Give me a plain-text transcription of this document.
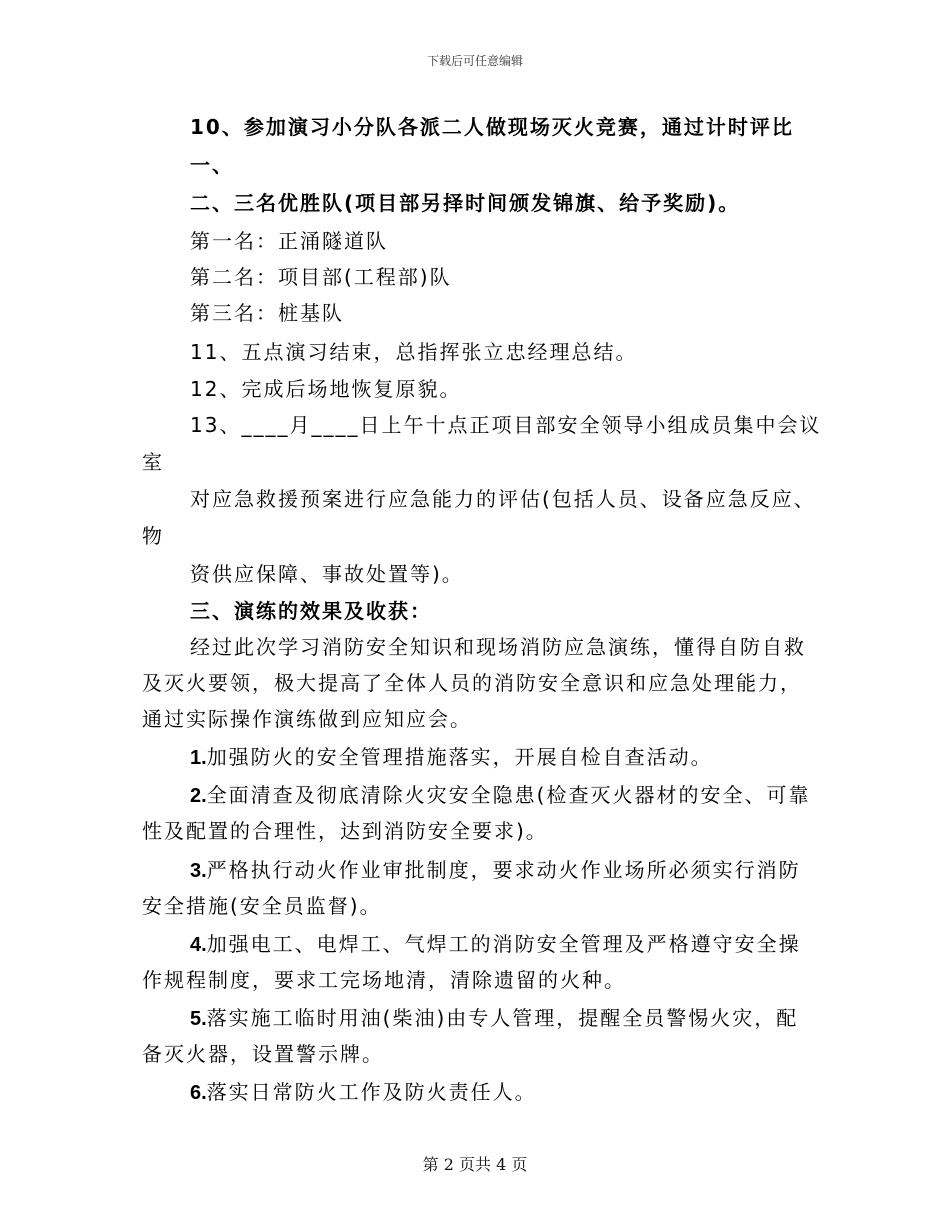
下载后可任意编辑
10、参加演习小分队各派二人做现场灭火竞赛，通过计时评比
一、
二、三名优胜队(项目部另择时间颁发锦旗、给予奖励)。
第一名：正涌隧道队
第二名：项目部(工程部)队
第三名：桩基队
11、五点演习结束，总指挥张立忠经理总结。
12、完成后场地恢复原貌。
13、____月____日上午十点正项目部安全领导小组成员集中会议
室
对应急救援预案进行应急能力的评估(包括人员、设备应急反应、
物
资供应保障、事故处置等)。
三、演练的效果及收获：
经过此次学习消防安全知识和现场消防应急演练，懂得自防自救
及灭火要领，极大提高了全体人员的消防安全意识和应急处理能力，
通过实际操作演练做到应知应会。
1.加强防火的安全管理措施落实，开展自检自查活动。
2.全面清查及彻底清除火灾安全隐患(检查灭火器材的安全、可靠
性及配置的合理性，达到消防安全要求)。
3.严格执行动火作业审批制度，要求动火作业场所必须实行消防
安全措施(安全员监督)。
4.加强电工、电焊工、气焊工的消防安全管理及严格遵守安全操
作规程制度，要求工完场地清，清除遗留的火种。
5.落实施工临时用油(柴油)由专人管理，提醒全员警惕火灾，配
备灭火器，设置警示牌。
6.落实日常防火工作及防火责任人。
第 2 页共 4 页
